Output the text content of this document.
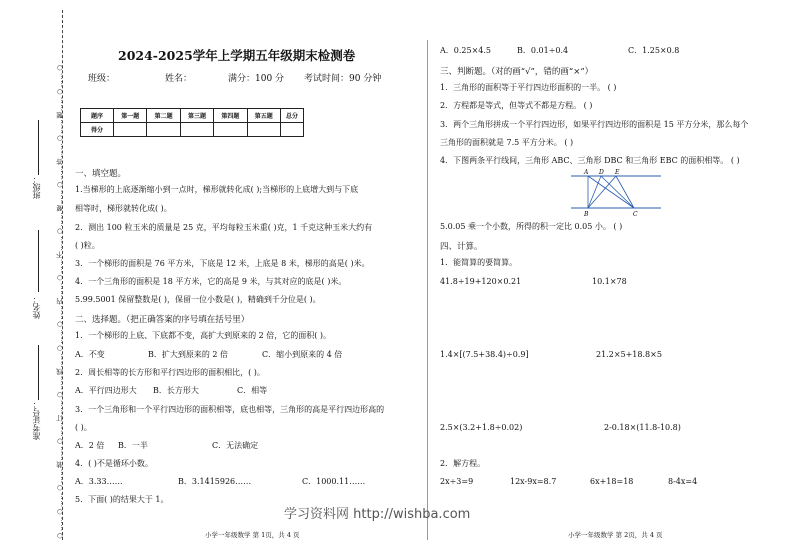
○……○……○……装……○……订……○……线……○……○……内……○……不……○……要……○……答……○……题……○……○
班级：
姓名：
准考证号：
2024-2025学年上学期五年级期末检测卷
班级：	姓名：	满分：100 分 考试时间：90 分钟
题序	第一题	第二题	第三题	第四题	第五题	总分
得分						
一、填空题。
1.当梯形的上底逐渐缩小到一点时，梯形就转化成( );当梯形的上底增大到与下底
相等时，梯形就转化成( )。
2．测出 100 粒玉米的质量是 25 克，平均每粒玉米重( )克，1 千克这种玉米大约有
( )粒。
3．一个梯形的面积是 76 平方米，下底是 12 米，上底是 8 米，梯形的高是( )米。
4．一个三角形的面积是 18 平方米，它的高是 9 米，与其对应的底是( )米。
5.99.5001 保留整数是( )，保留一位小数是( )，精确到千分位是( )。
二、选择题。（把正确答案的序号填在括号里）
1．一个梯形的上底、下底都不变，高扩大到原来的 2 倍，它的面积( )。
A．不变	B．扩大到原来的 2 倍	C．缩小到原来的 4 倍
2．周长相等的长方形和平行四边形的面积相比，( )。
A．平行四边形大 B．长方形大	C．相等
3．一个三角形和一个平行四边形的面积相等，底也相等，三角形的高是平行四边形高的
( )。
A．2 倍 B．一半	C．无法确定
4．( )不是循环小数。
A．3.33……	B．3.1415926……	C．1000.11……
5．下面( )的结果大于 1。
小学一年级数学 第 1页，共 4 页
A．0.25×4.5	B．0.01÷0.4	C．1.25×0.8
三、判断题。（对的画“√”，错的画“×”）
1．三角形的面积等于平行四边形面积的一半。 ( )
2．方程都是等式，但等式不都是方程。 ( )
3．两个三角形拼成一个平行四边形，如果平行四边形的面积是 15 平方分米，那么每个
三角形的面积就是 7.5 平方分米。 ( )
4．下图两条平行线间，三角形 ABC、三角形 DBC 和三角形 EBC 的面积相等。 ( )
A D E
B	C
5.0.05 乘一个小数，所得的积一定比 0.05 小。 ( )
四、计算。
1．能简算的要简算。
41.8÷19+120×0.21	10.1×78
1.4×[(7.5+38.4)÷0.9]	21.2×5+18.8×5
2.5×(3.2+1.8÷0.02)	2-0.18×(11.8-10.8)
2．解方程。
2x÷3=9	12x-9x=8.7	6x+18=18	8-4x=4
小学一年级数学 第 2页，共 4 页
学习资料网 http://wishba.com
